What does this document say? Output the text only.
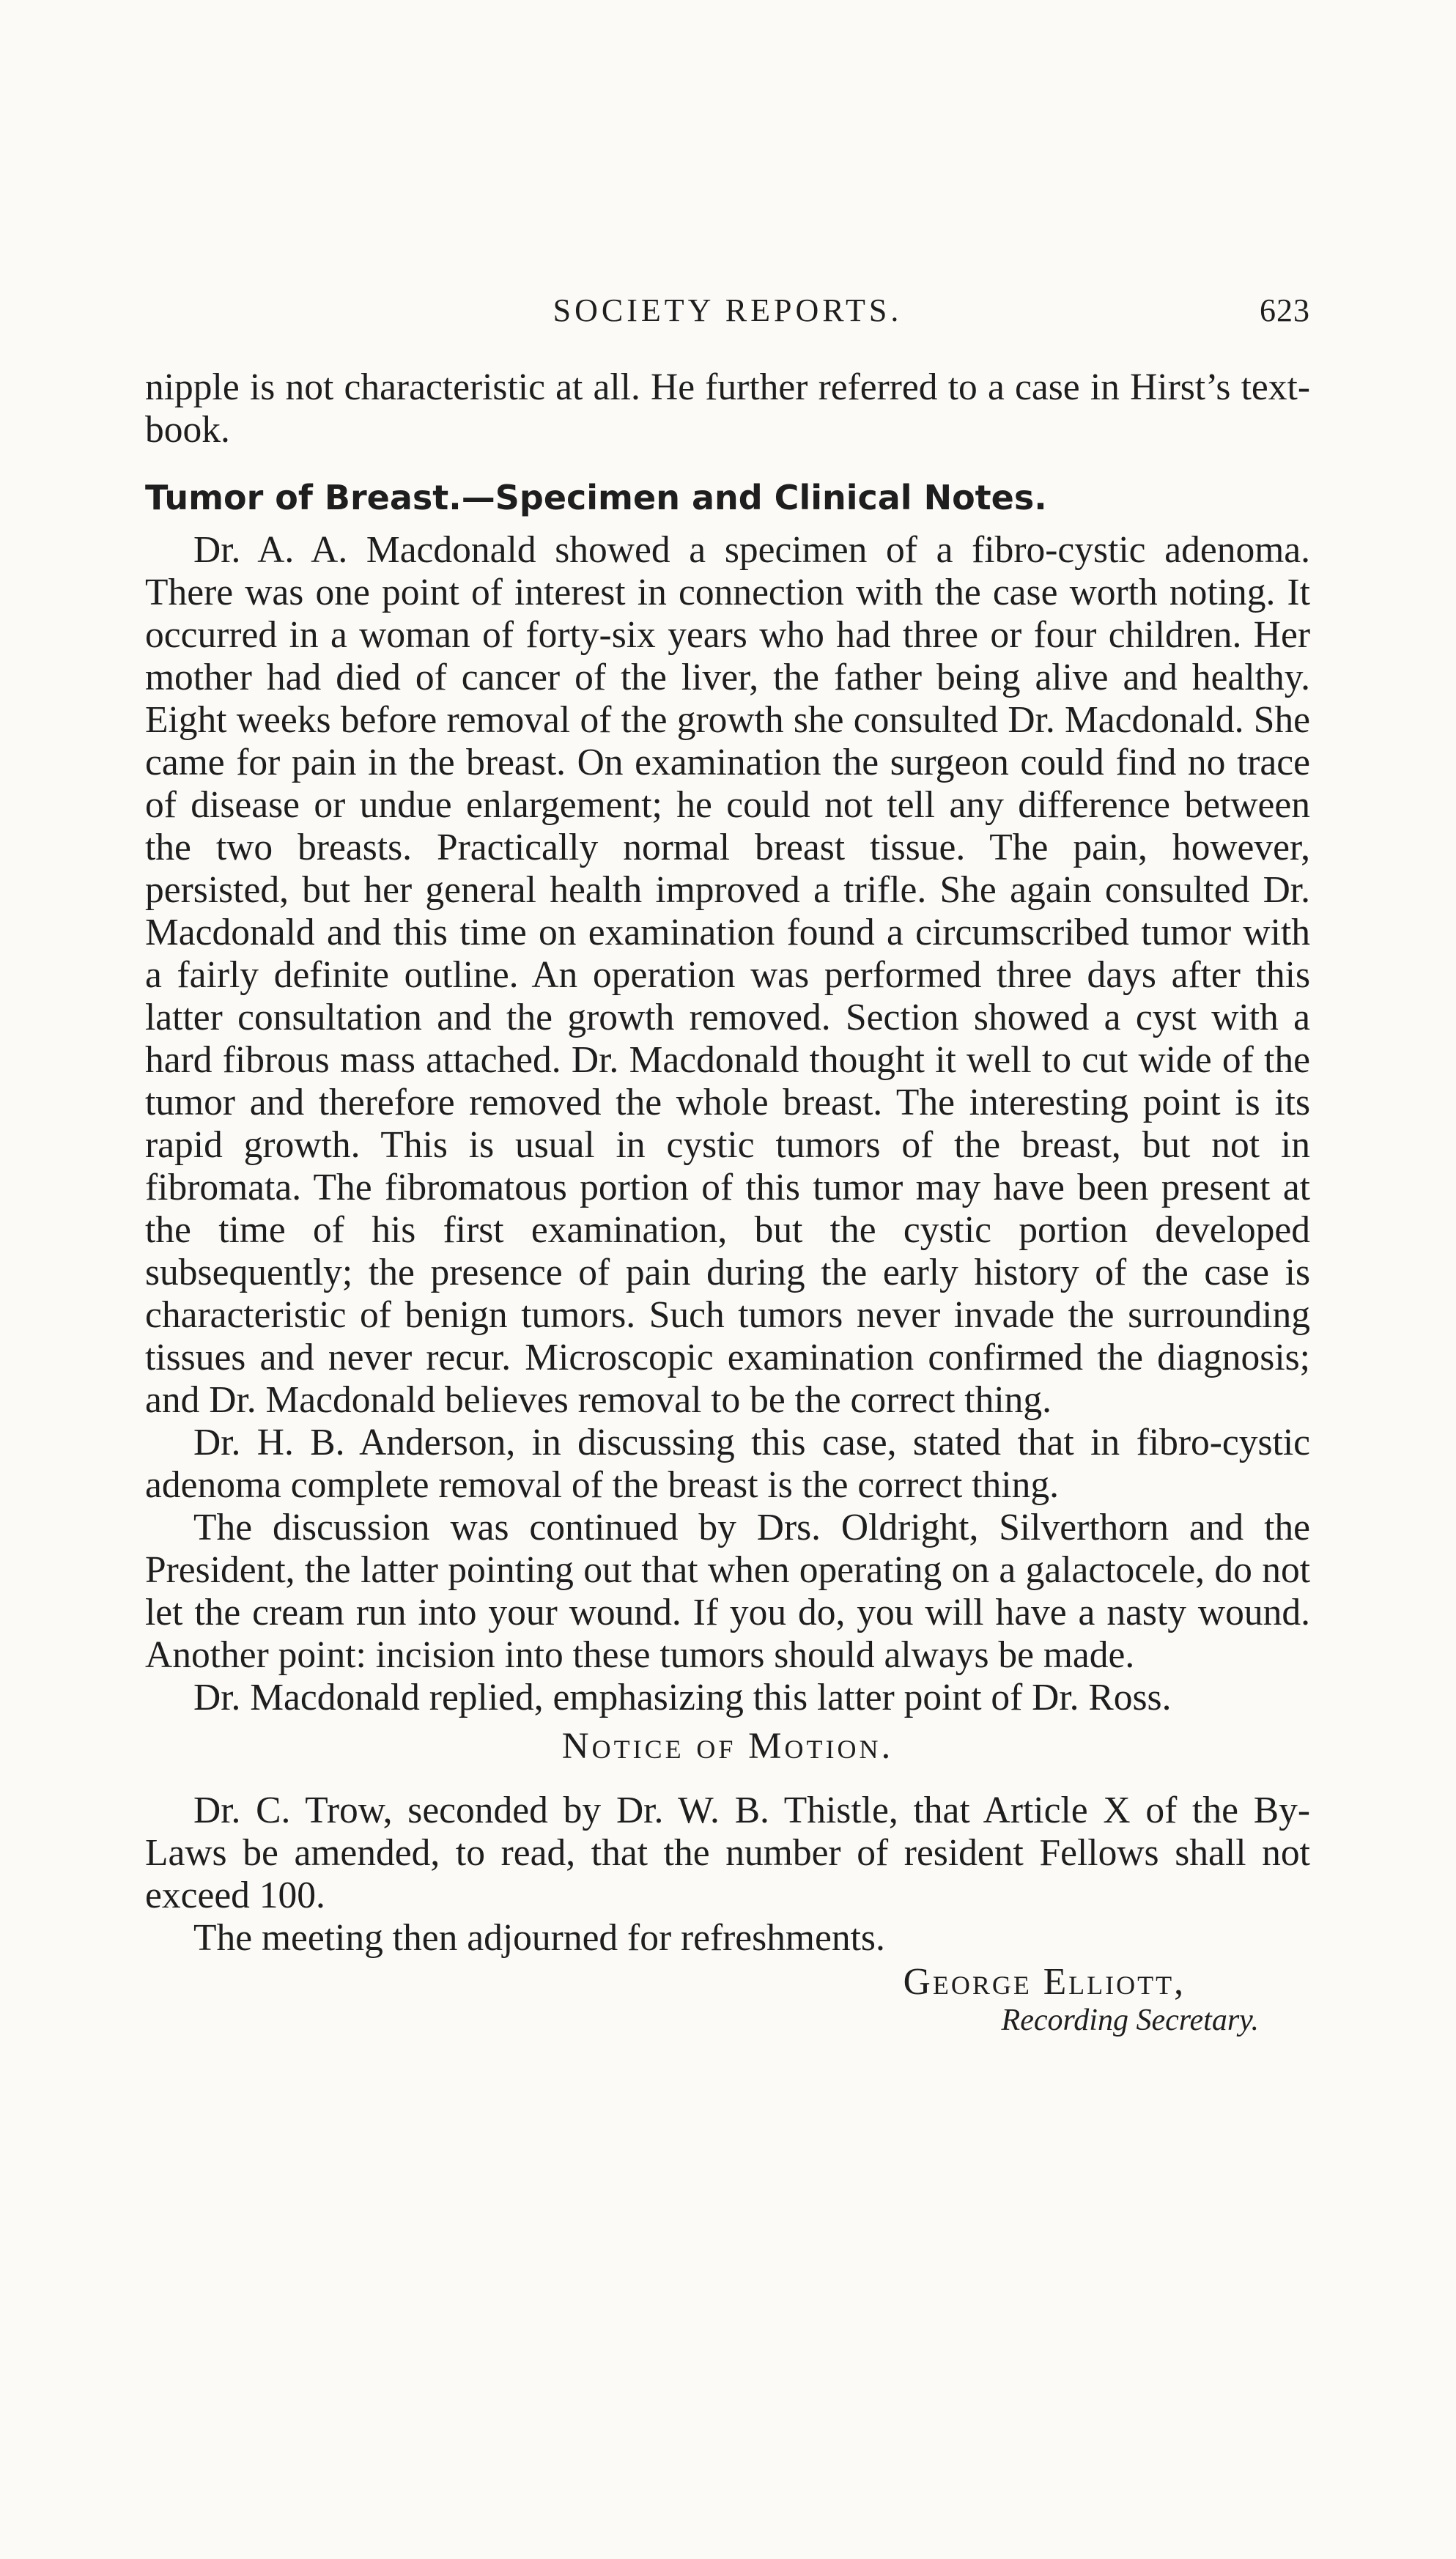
SOCIETY REPORTS.	623

nipple is not characteristic at all. He further referred to a case in Hirst’s text-book.

Tumor of Breast.—Specimen and Clinical Notes.

Dr. A. A. Macdonald showed a specimen of a fibro-cystic adenoma. There was one point of interest in connection with the case worth noting. It occurred in a woman of forty-six years who had three or four children. Her mother had died of cancer of the liver, the father being alive and healthy. Eight weeks before removal of the growth she consulted Dr. Macdonald. She came for pain in the breast. On examination the surgeon could find no trace of disease or undue enlargement; he could not tell any difference between the two breasts. Practically normal breast tissue. The pain, however, persisted, but her general health improved a trifle. She again consulted Dr. Macdonald and this time on examination found a circumscribed tumor with a fairly definite outline. An operation was performed three days after this latter consultation and the growth removed. Section showed a cyst with a hard fibrous mass attached. Dr. Macdonald thought it well to cut wide of the tumor and therefore removed the whole breast. The interesting point is its rapid growth. This is usual in cystic tumors of the breast, but not in fibromata. The fibromatous portion of this tumor may have been present at the time of his first examination, but the cystic portion developed subsequently; the presence of pain during the early history of the case is characteristic of benign tumors. Such tumors never invade the surrounding tissues and never recur. Microscopic examination confirmed the diagnosis; and Dr. Macdonald believes removal to be the correct thing.

Dr. H. B. Anderson, in discussing this case, stated that in fibro-cystic adenoma complete removal of the breast is the correct thing.

The discussion was continued by Drs. Oldright, Silverthorn and the President, the latter pointing out that when operating on a galactocele, do not let the cream run into your wound. If you do, you will have a nasty wound. Another point: incision into these tumors should always be made.

Dr. Macdonald replied, emphasizing this latter point of Dr. Ross.

Notice of Motion.

Dr. C. Trow, seconded by Dr. W. B. Thistle, that Article X of the By-Laws be amended, to read, that the number of resident Fellows shall not exceed 100.

The meeting then adjourned for refreshments.

George Elliott,
Recording Secretary.
